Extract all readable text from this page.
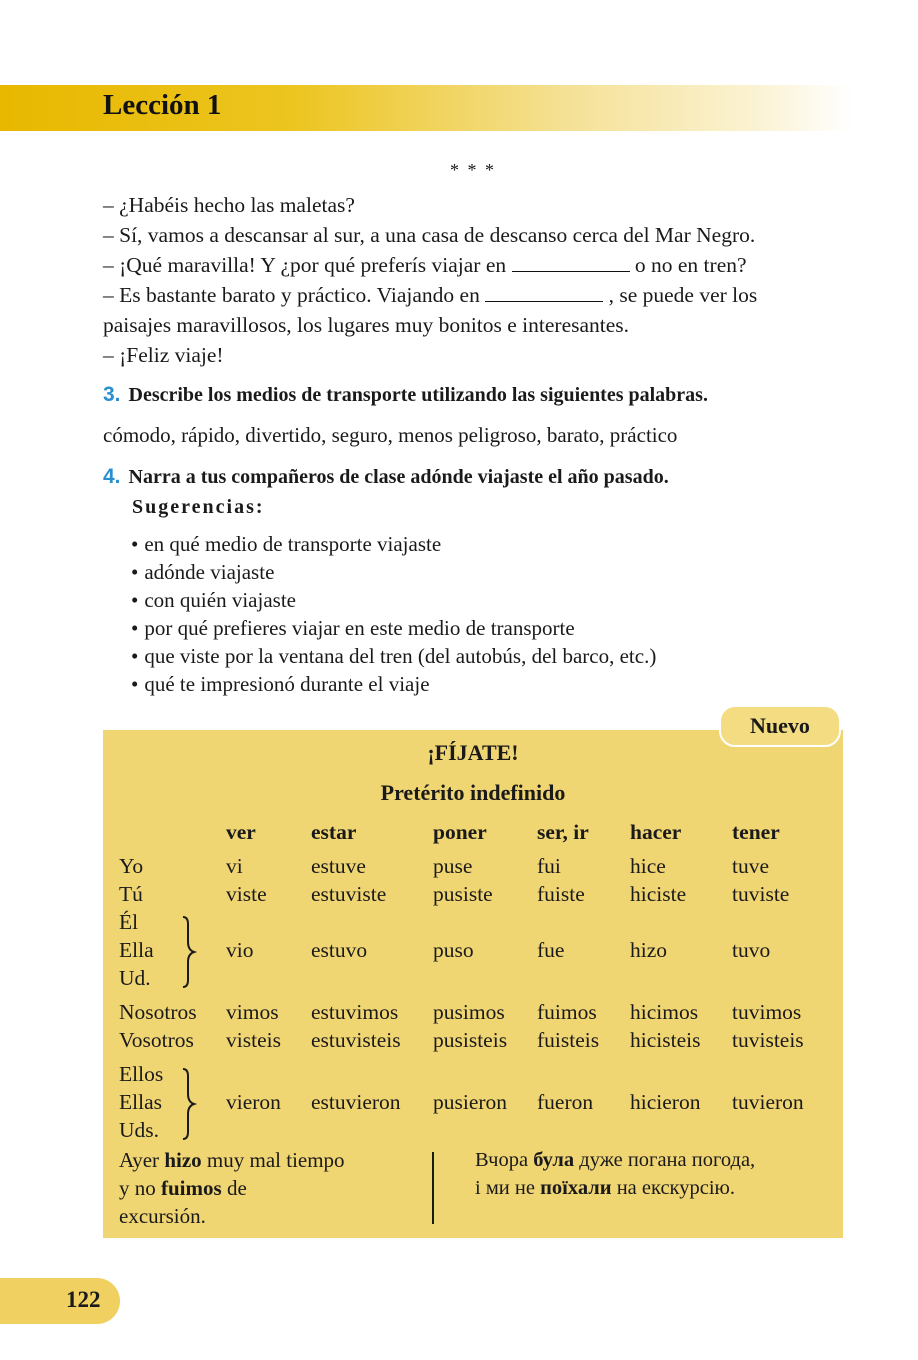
Lección 1
* * *
– ¿Habéis hecho las maletas?
– Sí, vamos a descansar al sur, a una casa de descanso cerca del Mar Negro.
– ¡Qué maravilla! Y ¿por qué preferís viajar en	o no en tren?
– Es bastante barato y práctico. Viajando en	, se puede ver los
paisajes maravillosos, los lugares muy bonitos e interesantes.
– ¡Feliz viaje!
3. Describe los medios de transporte utilizando las siguientes palabras.
cómodo, rápido, divertido, seguro, menos peligroso, barato, práctico
4. Narra a tus compañeros de clase adónde viajaste el año pasado.
Sugerencias:
• en qué medio de transporte viajaste
• adónde viajaste
• con quién viajaste
• por qué prefieres viajar en este medio de transporte
• que viste por la ventana del tren (del autobús, del barco, etc.)
• qué te impresionó durante el viaje
Nuevo
¡FÍJATE!
Pretérito indefinido
ver	estar	poner ser, ir hacer tener
Yo	vi	estuve	puse	fui	hice	tuve
Tú	viste estuviste pusiste fuiste hiciste tuviste
Él
Ella
Ud.
vio	estuvo	puso	fue	hizo	tuvo
Nosotros vimos estuvimos pusimos fuimos hicimos tuvimos
Vosotros visteis estuvisteis pusisteis fuisteis hicisteis tuvisteis
Ellos
Ellas
Uds.
vieron estuvieron pusieron fueron hicieron tuvieron
Ayer hizo muy mal tiempo
y no fuimos de
excursión.
Вчора була дуже погана погода,
і ми не поїхали на екскурсію.
122
